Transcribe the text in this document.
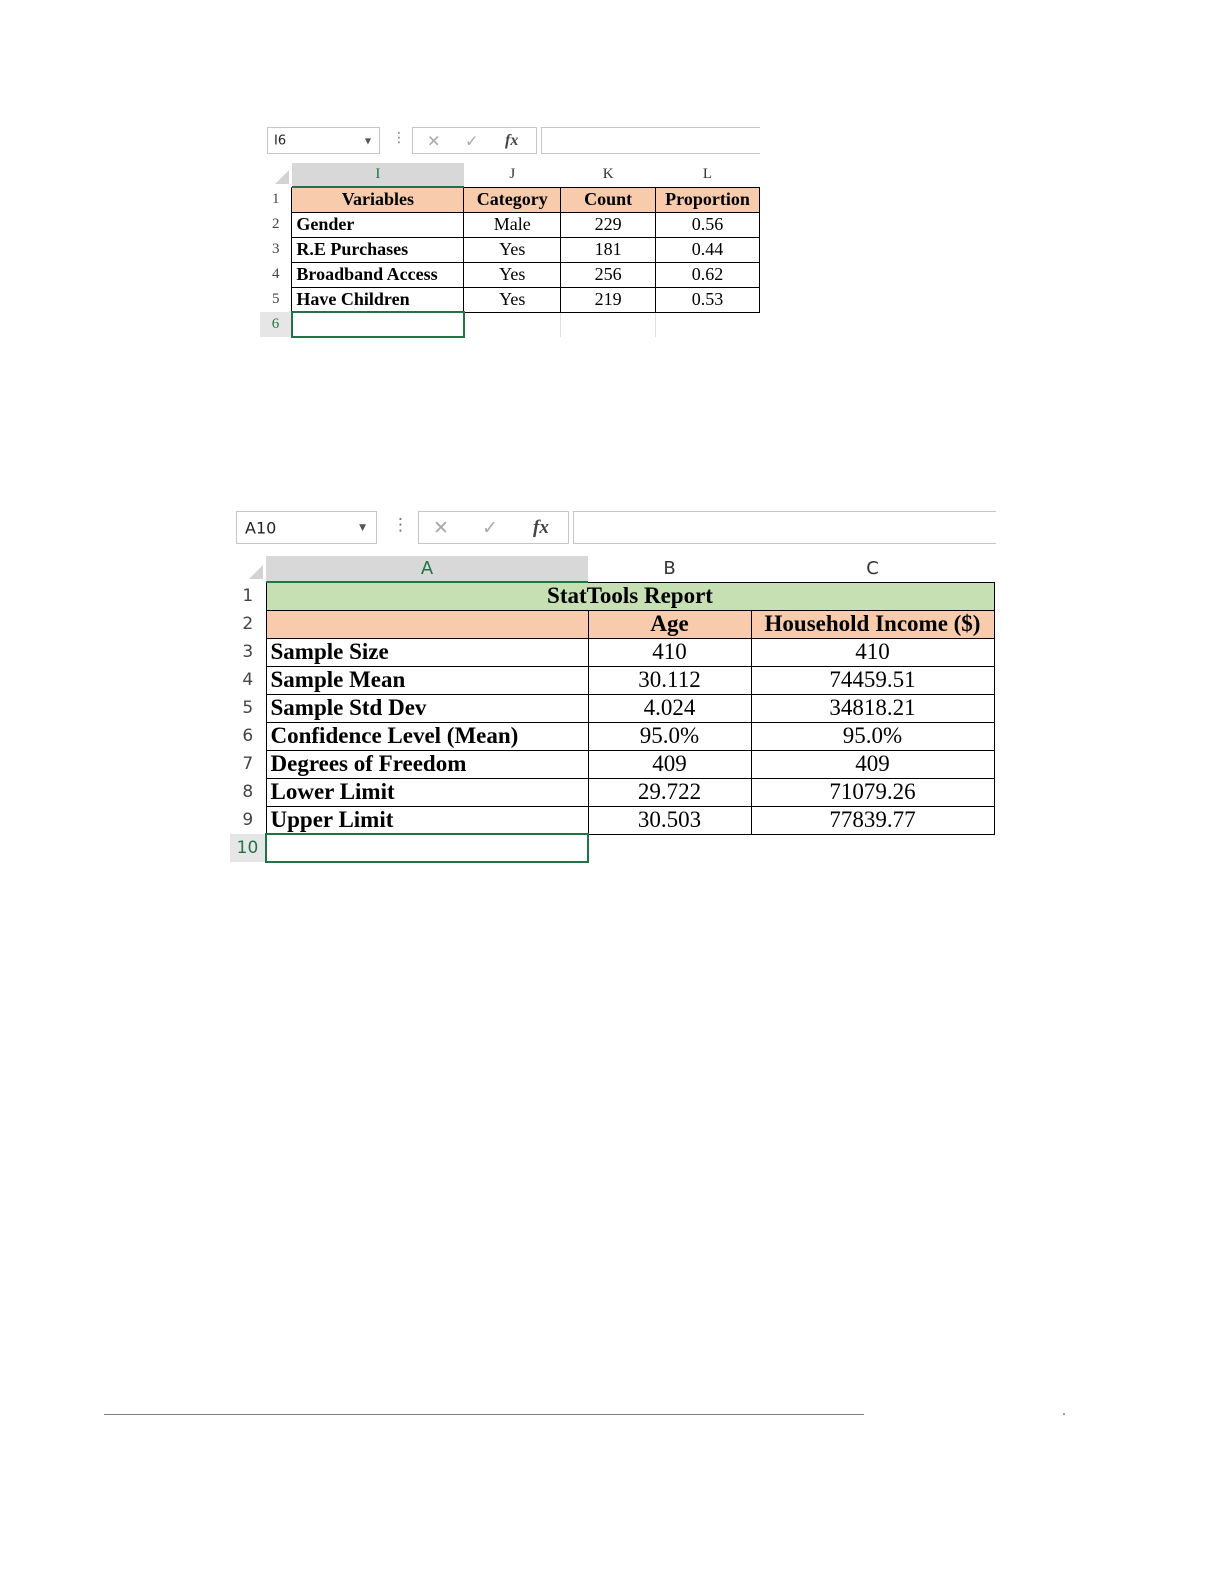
I6	▼ ⋮ ✕ ✓ fx
	I	J	K	L
1	Variables	Category	Count	Proportion
2	Gender	Male	229	0.56
3	R.E Purchases	Yes	181	0.44
4	Broadband Access	Yes	256	0.62
5	Have Children	Yes	219	0.53
6				
A10	▼ ⋮ ✕ ✓ fx
	A	B	C
1	StatTools Report		
2		Age	Household Income ($)
3	Sample Size	410	410
4	Sample Mean	30.112	74459.51
5	Sample Std Dev	4.024	34818.21
6	Confidence Level (Mean)	95.0%	95.0%
7	Degrees of Freedom	409	409
8	Lower Limit	29.722	71079.26
9	Upper Limit	30.503	77839.77
10			
